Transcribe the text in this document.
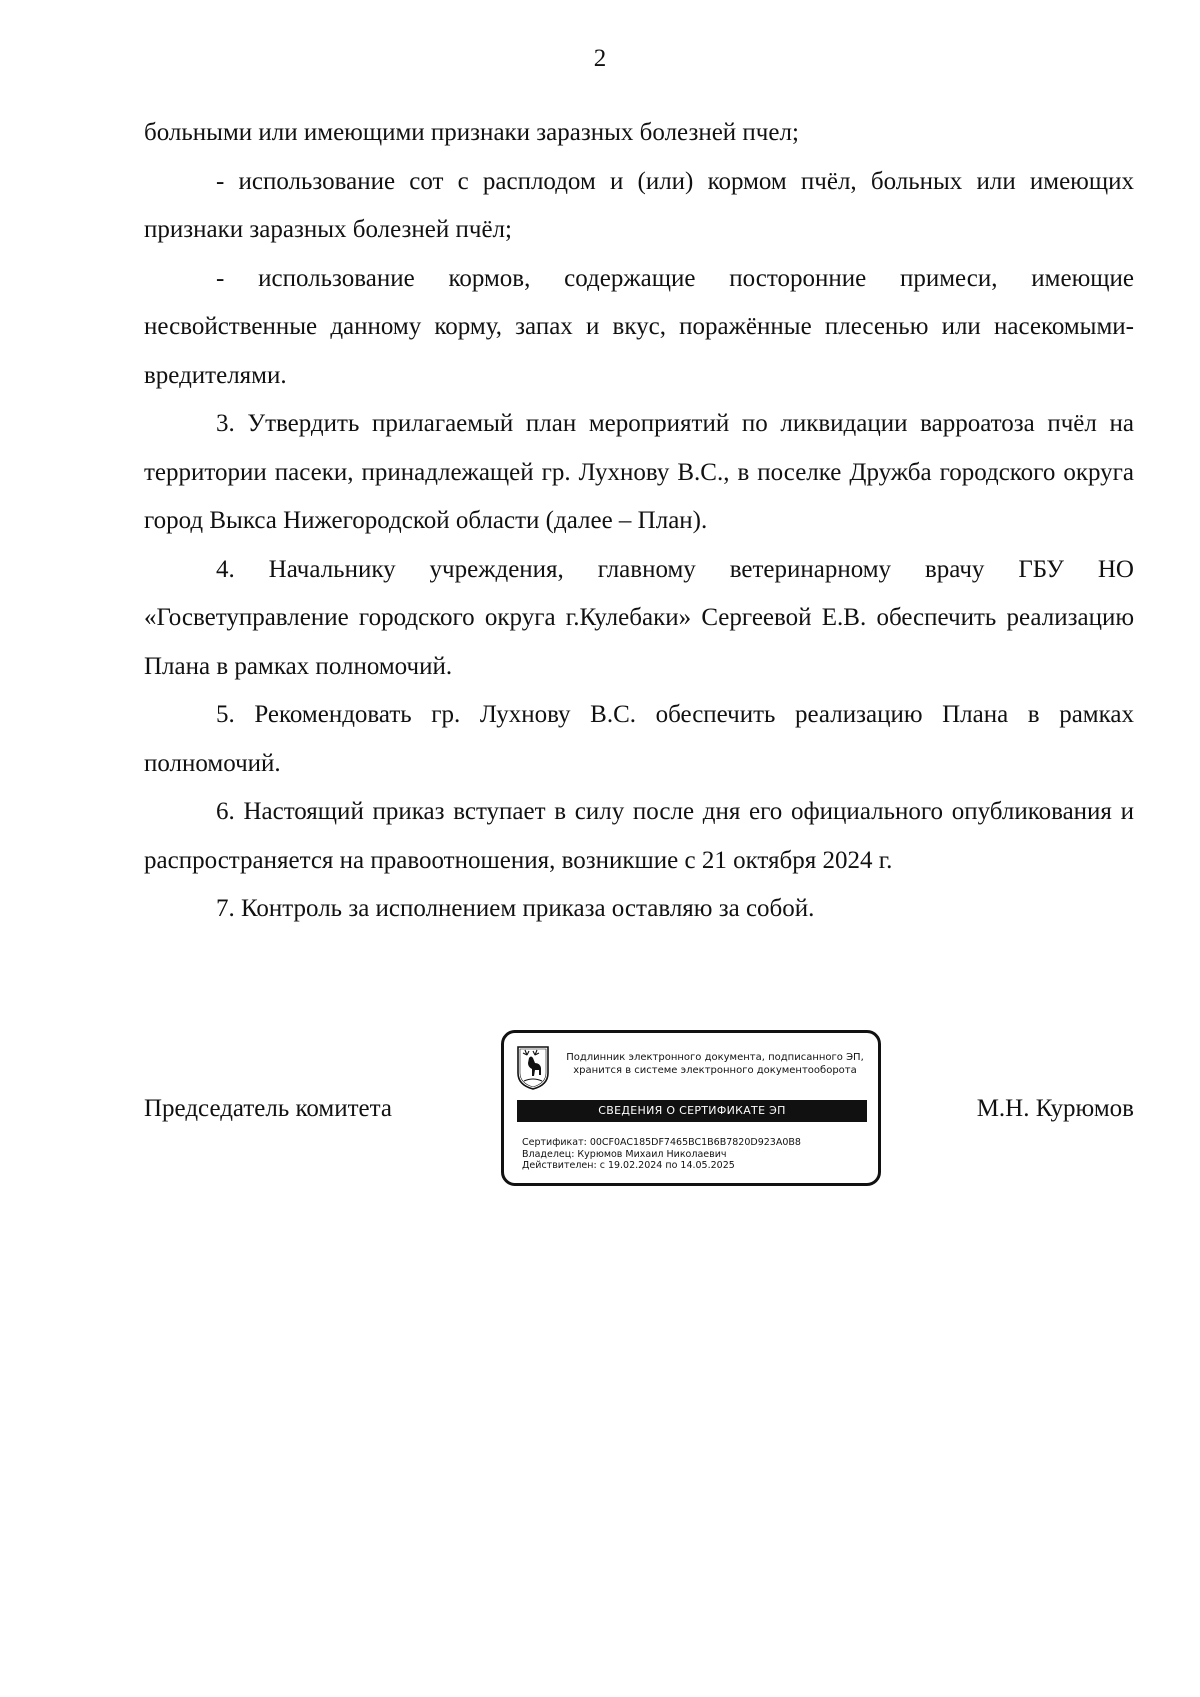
2

больными или имеющими признаки заразных болезней пчел;

- использование сот с расплодом и (или) кормом пчёл, больных или имеющих признаки заразных болезней пчёл;

- использование кормов, содержащие посторонние примеси, имеющие несвойственные данному корму, запах и вкус, поражённые плесенью или насекомыми-вредителями.

3. Утвердить прилагаемый план мероприятий по ликвидации варроатоза пчёл на территории пасеки, принадлежащей гр. Лухнову В.С., в поселке Дружба городского округа город Выкса Нижегородской области (далее – План).

4. Начальнику учреждения, главному ветеринарному врачу ГБУ НО «Госветуправление городского округа г.Кулебаки» Сергеевой Е.В. обеспечить реализацию Плана в рамках полномочий.

5. Рекомендовать гр. Лухнову В.С. обеспечить реализацию Плана в рамках полномочий.

6. Настоящий приказ вступает в силу после дня его официального опубликования и распространяется на правоотношения, возникшие с 21 октября 2024 г.

7. Контроль за исполнением приказа оставляю за собой.

Председатель комитета
Подлинник электронного документа, подписанного ЭП,
хранится в системе электронного документооборота
СВЕДЕНИЯ О СЕРТИФИКАТЕ ЭП
Сертификат: 00CF0AC185DF7465BC1B6B7820D923A0B8
Владелец: Курюмов Михаил Николаевич
Действителен: с 19.02.2024 по 14.05.2025
М.Н. Курюмов
